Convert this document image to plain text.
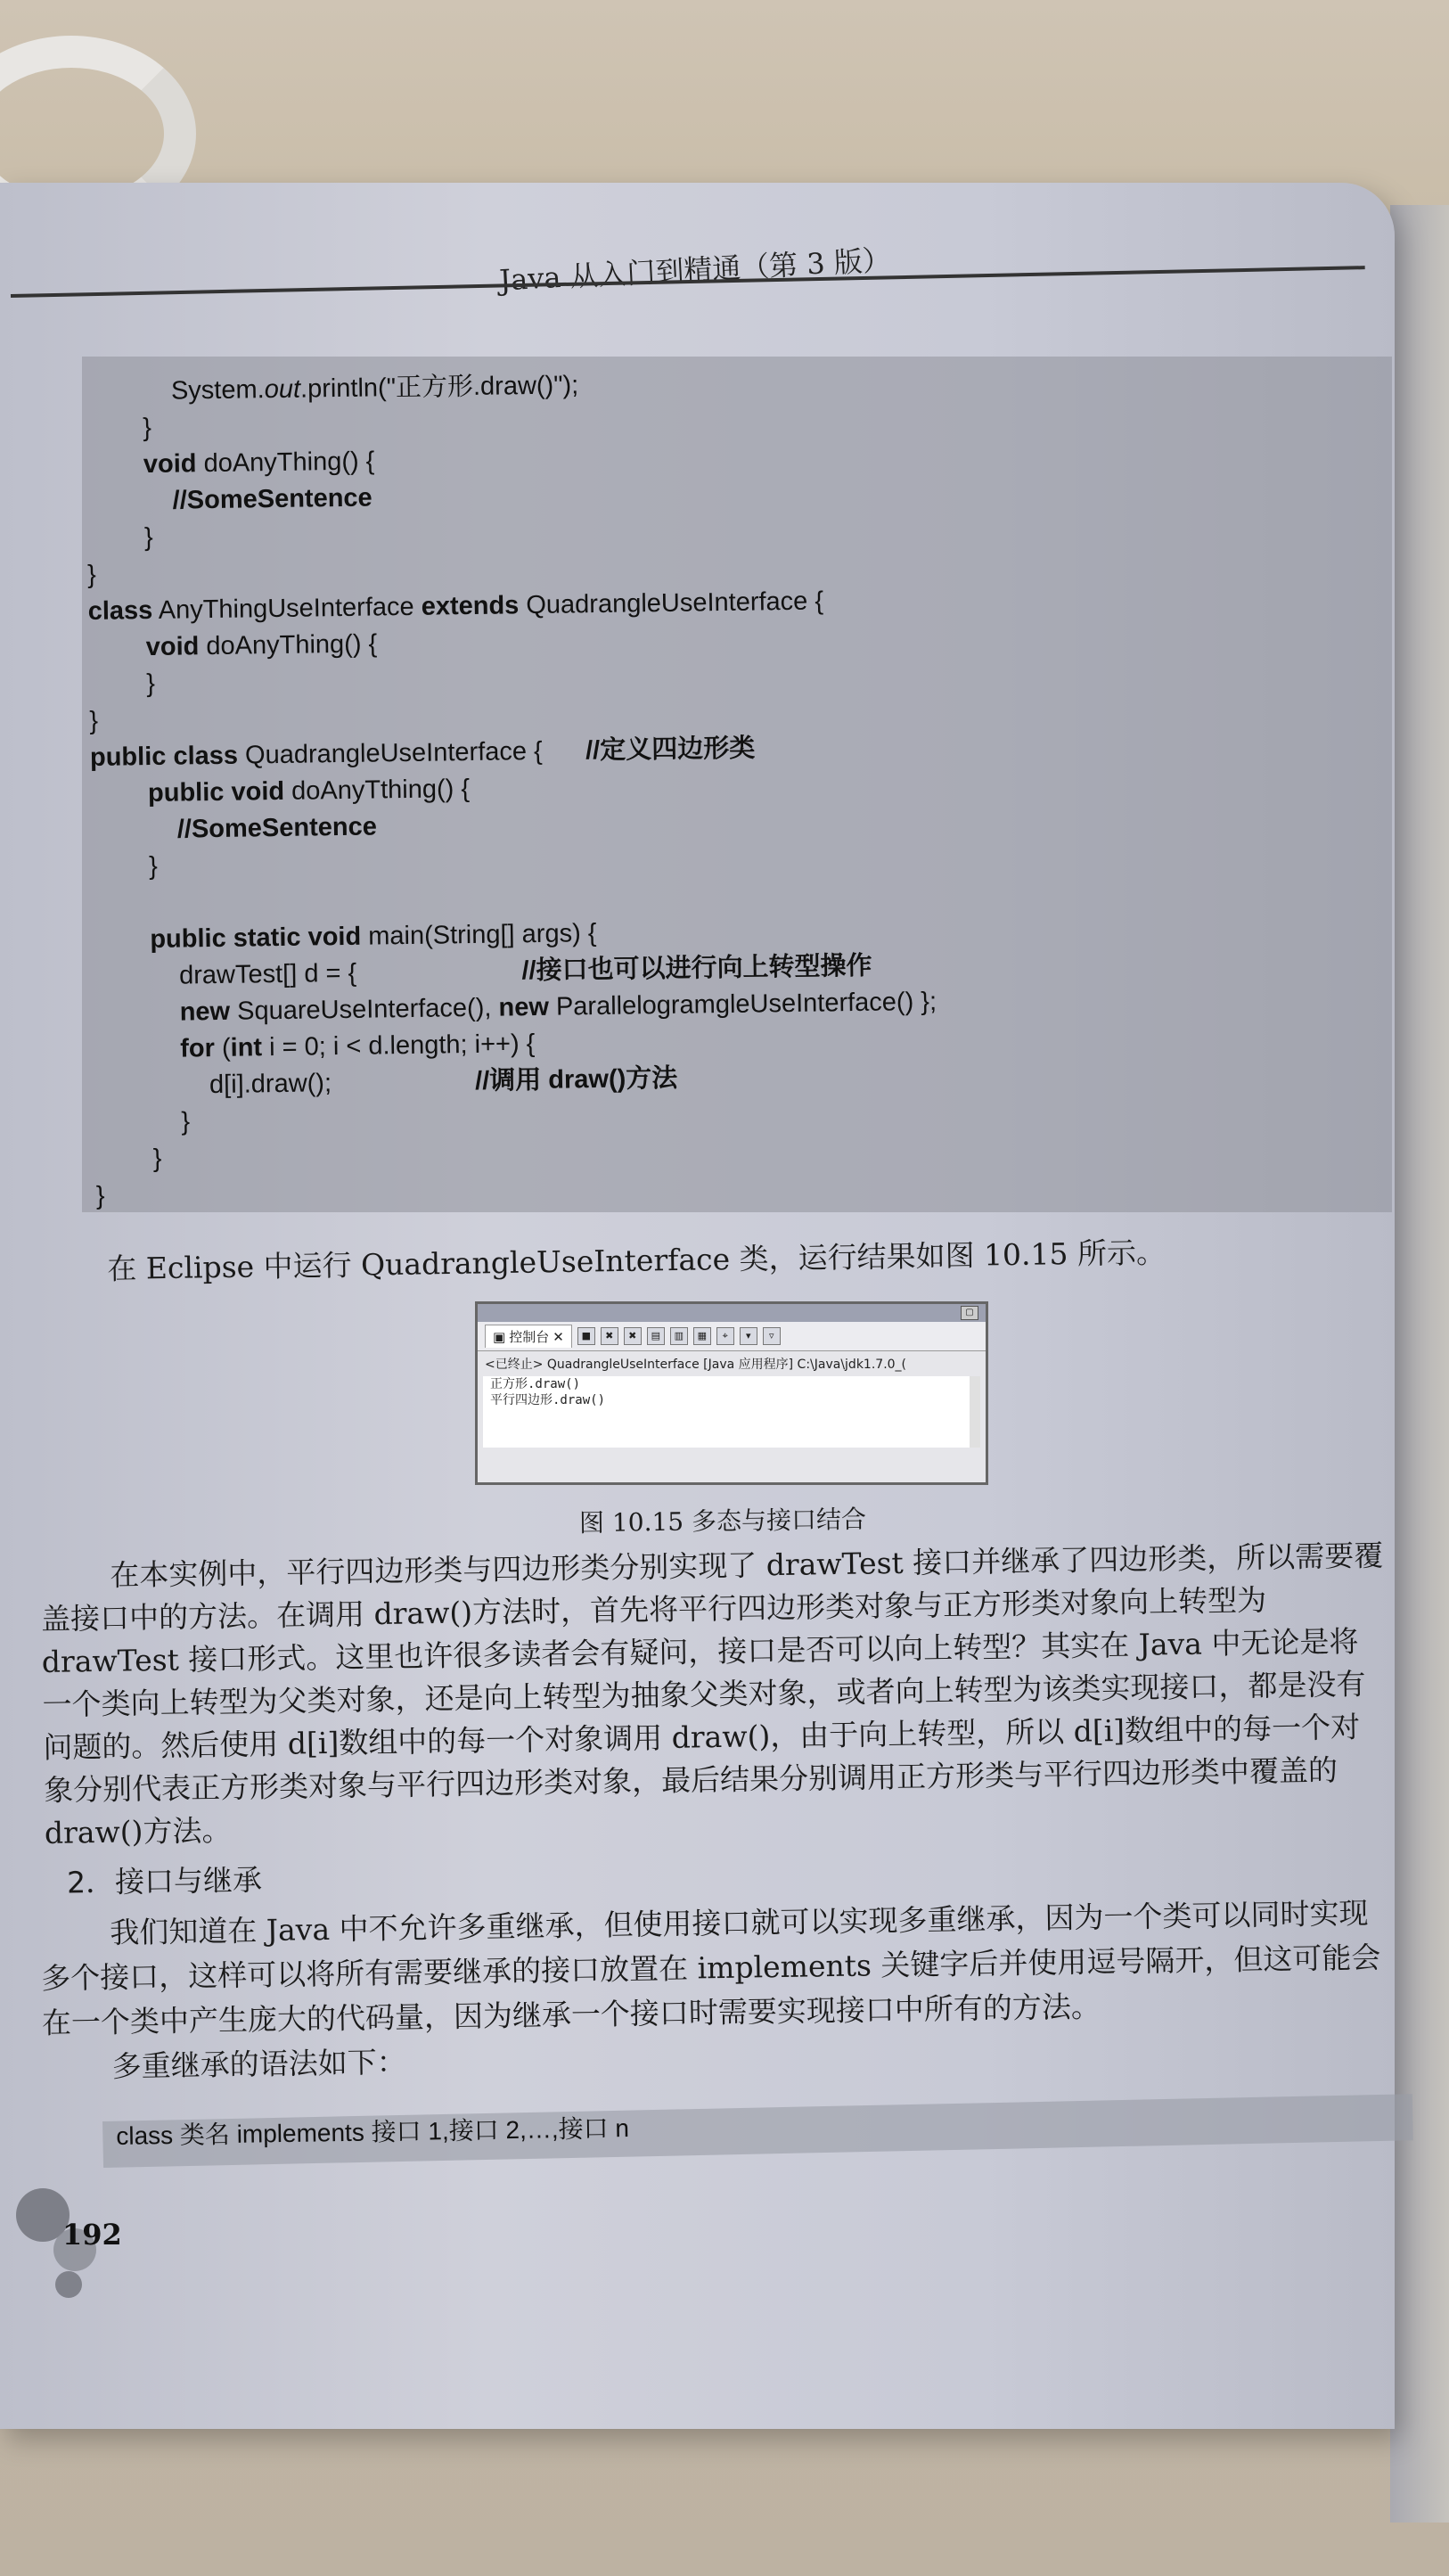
Java 从入门到精通（第 3 版）
System.out.println("正方形.draw()");
}
void doAnyThing() {
//SomeSentence
}
}
class AnyThingUseInterface extends QuadrangleUseInterface {
void doAnyThing() {
}
}
public class QuadrangleUseInterface {      //定义四边形类
public void doAnyTthing() {
//SomeSentence
}

public static void main(String[] args) {
drawTest[] d = {                       //接口也可以进行向上转型操作
new SquareUseInterface(), new ParallelogramgleUseInterface() };
for (int i = 0; i < d.length; i++) {
d[i].draw();                    //调用 draw()方法
}
}
}
在 Eclipse 中运行 QuadrangleUseInterface 类，运行结果如图 10.15 所示。
▢
▣ 控制台 ✕	■	✖	✖	▤	▥	▦	⌖	▾	▿
<已终止> QuadrangleUseInterface [Java 应用程序] C:\Java\jdk1.7.0_(
正方形.draw()
平行四边形.draw()
图 10.15 多态与接口结合
在本实例中，平行四边形类与四边形类分别实现了 drawTest 接口并继承了四边形类，所以需要覆盖接口中的方法。在调用 draw()方法时，首先将平行四边形类对象与正方形类对象向上转型为 drawTest 接口形式。这里也许很多读者会有疑问，接口是否可以向上转型？其实在 Java 中无论是将一个类向上转型为父类对象，还是向上转型为抽象父类对象，或者向上转型为该类实现接口，都是没有问题的。然后使用 d[i]数组中的每一个对象调用 draw()，由于向上转型，所以 d[i]数组中的每一个对象分别代表正方形类对象与平行四边形类对象，最后结果分别调用正方形类与平行四边形类中覆盖的 draw()方法。
2．接口与继承
我们知道在 Java 中不允许多重继承，但使用接口就可以实现多重继承，因为一个类可以同时实现多个接口，这样可以将所有需要继承的接口放置在 implements 关键字后并使用逗号隔开，但这可能会在一个类中产生庞大的代码量，因为继承一个接口时需要实现接口中所有的方法。
多重继承的语法如下：
class 类名 implements 接口 1,接口 2,…,接口 n
192
